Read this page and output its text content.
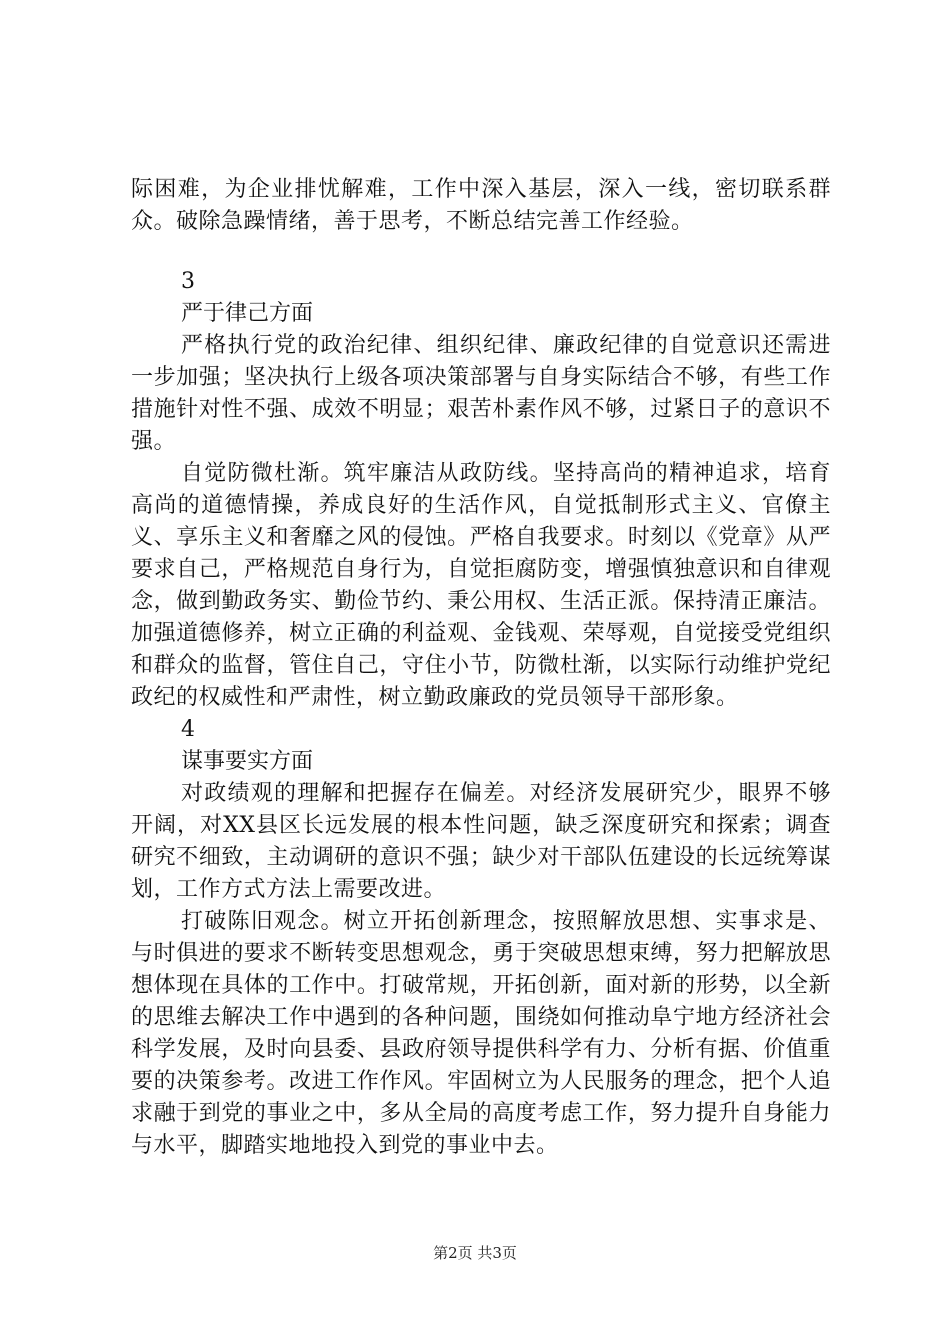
际困难，为企业排忧解难，工作中深入基层，深入一线，密切联系群众。破除急躁情绪，善于思考，不断总结完善工作经验。

3

严于律己方面

严格执行党的政治纪律、组织纪律、廉政纪律的自觉意识还需进一步加强；坚决执行上级各项决策部署与自身实际结合不够，有些工作措施针对性不强、成效不明显；艰苦朴素作风不够，过紧日子的意识不强。

自觉防微杜渐。筑牢廉洁从政防线。坚持高尚的精神追求，培育高尚的道德情操，养成良好的生活作风，自觉抵制形式主义、官僚主义、享乐主义和奢靡之风的侵蚀。严格自我要求。时刻以《党章》从严要求自己，严格规范自身行为，自觉拒腐防变，增强慎独意识和自律观念，做到勤政务实、勤俭节约、秉公用权、生活正派。保持清正廉洁。加强道德修养，树立正确的利益观、金钱观、荣辱观，自觉接受党组织和群众的监督，管住自己，守住小节，防微杜渐，以实际行动维护党纪政纪的权威性和严肃性，树立勤政廉政的党员领导干部形象。

4

谋事要实方面

对政绩观的理解和把握存在偏差。对经济发展研究少，眼界不够开阔，对XX县区长远发展的根本性问题，缺乏深度研究和探索；调查研究不细致，主动调研的意识不强；缺少对干部队伍建设的长远统筹谋划，工作方式方法上需要改进。

打破陈旧观念。树立开拓创新理念，按照解放思想、实事求是、与时俱进的要求不断转变思想观念，勇于突破思想束缚，努力把解放思想体现在具体的工作中。打破常规，开拓创新，面对新的形势，以全新的思维去解决工作中遇到的各种问题，围绕如何推动阜宁地方经济社会科学发展，及时向县委、县政府领导提供科学有力、分析有据、价值重要的决策参考。改进工作作风。牢固树立为人民服务的理念，把个人追求融于到党的事业之中，多从全局的高度考虑工作，努力提升自身能力与水平，脚踏实地地投入到党的事业中去。

第2页 共3页
